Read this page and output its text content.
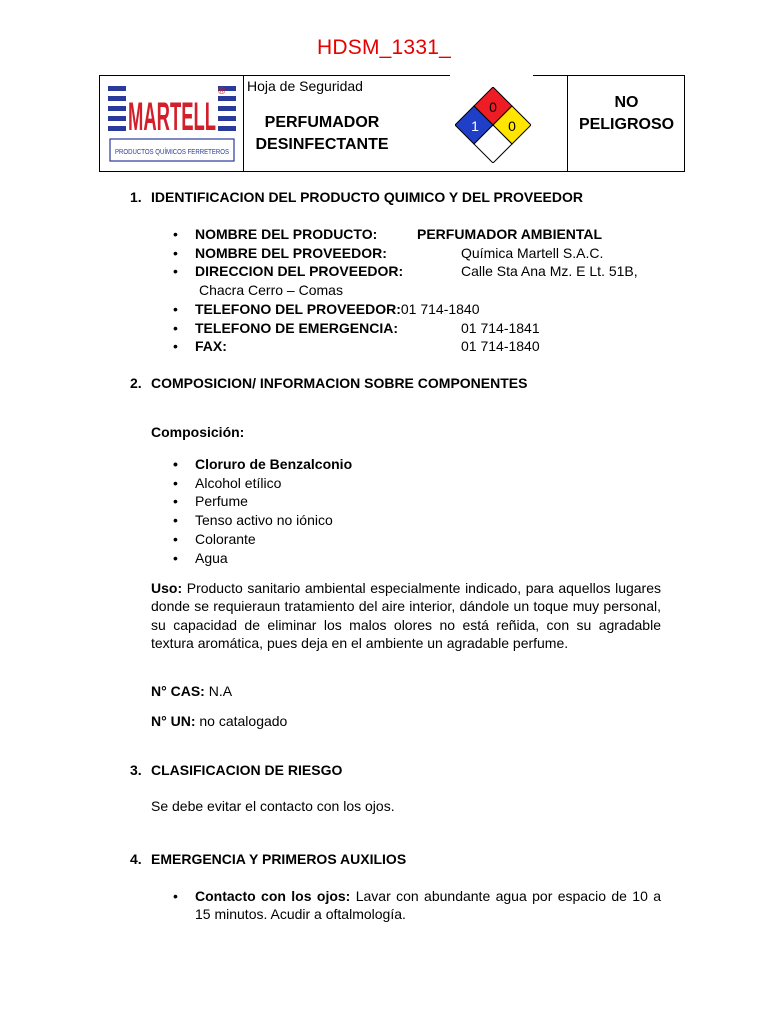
HDSM_1331_
MARTELL
®
PRODUCTOS QUÍMICOS FERRETEROS
Hoja de Seguridad
PERFUMADOR
DESINFECTANTE
0
1 0
NO
PELIGROSO
1. IDENTIFICACION DEL PRODUCTO QUIMICO Y DEL PROVEEDOR
• NOMBRE DEL PRODUCTO:	PERFUMADOR AMBIENTAL
• NOMBRE DEL PROVEEDOR:	Química Martell S.A.C.
• DIRECCION DEL PROVEEDOR:	Calle Sta Ana Mz. E Lt. 51B,
Chacra Cerro – Comas
• TELEFONO DEL PROVEEDOR:01 714-1840
• TELEFONO DE EMERGENCIA:	01 714-1841
• FAX:	01 714-1840
2. COMPOSICION/ INFORMACION SOBRE COMPONENTES
Composición:
• Cloruro de Benzalconio
• Alcohol etílico
• Perfume
• Tenso activo no iónico
• Colorante
• Agua
Uso: Producto sanitario ambiental especialmente indicado, para aquellos lugares donde se requieraun tratamiento del aire interior, dándole un toque muy personal, su capacidad de eliminar los malos olores no está reñida, con su agradable textura aromática, pues deja en el ambiente un agradable perfume.
N° CAS: N.A
N° UN: no catalogado
3. CLASIFICACION DE RIESGO
Se debe evitar el contacto con los ojos.
4. EMERGENCIA Y PRIMEROS AUXILIOS
• Contacto con los ojos: Lavar con abundante agua por espacio de 10 a 15 minutos. Acudir a oftalmología.
